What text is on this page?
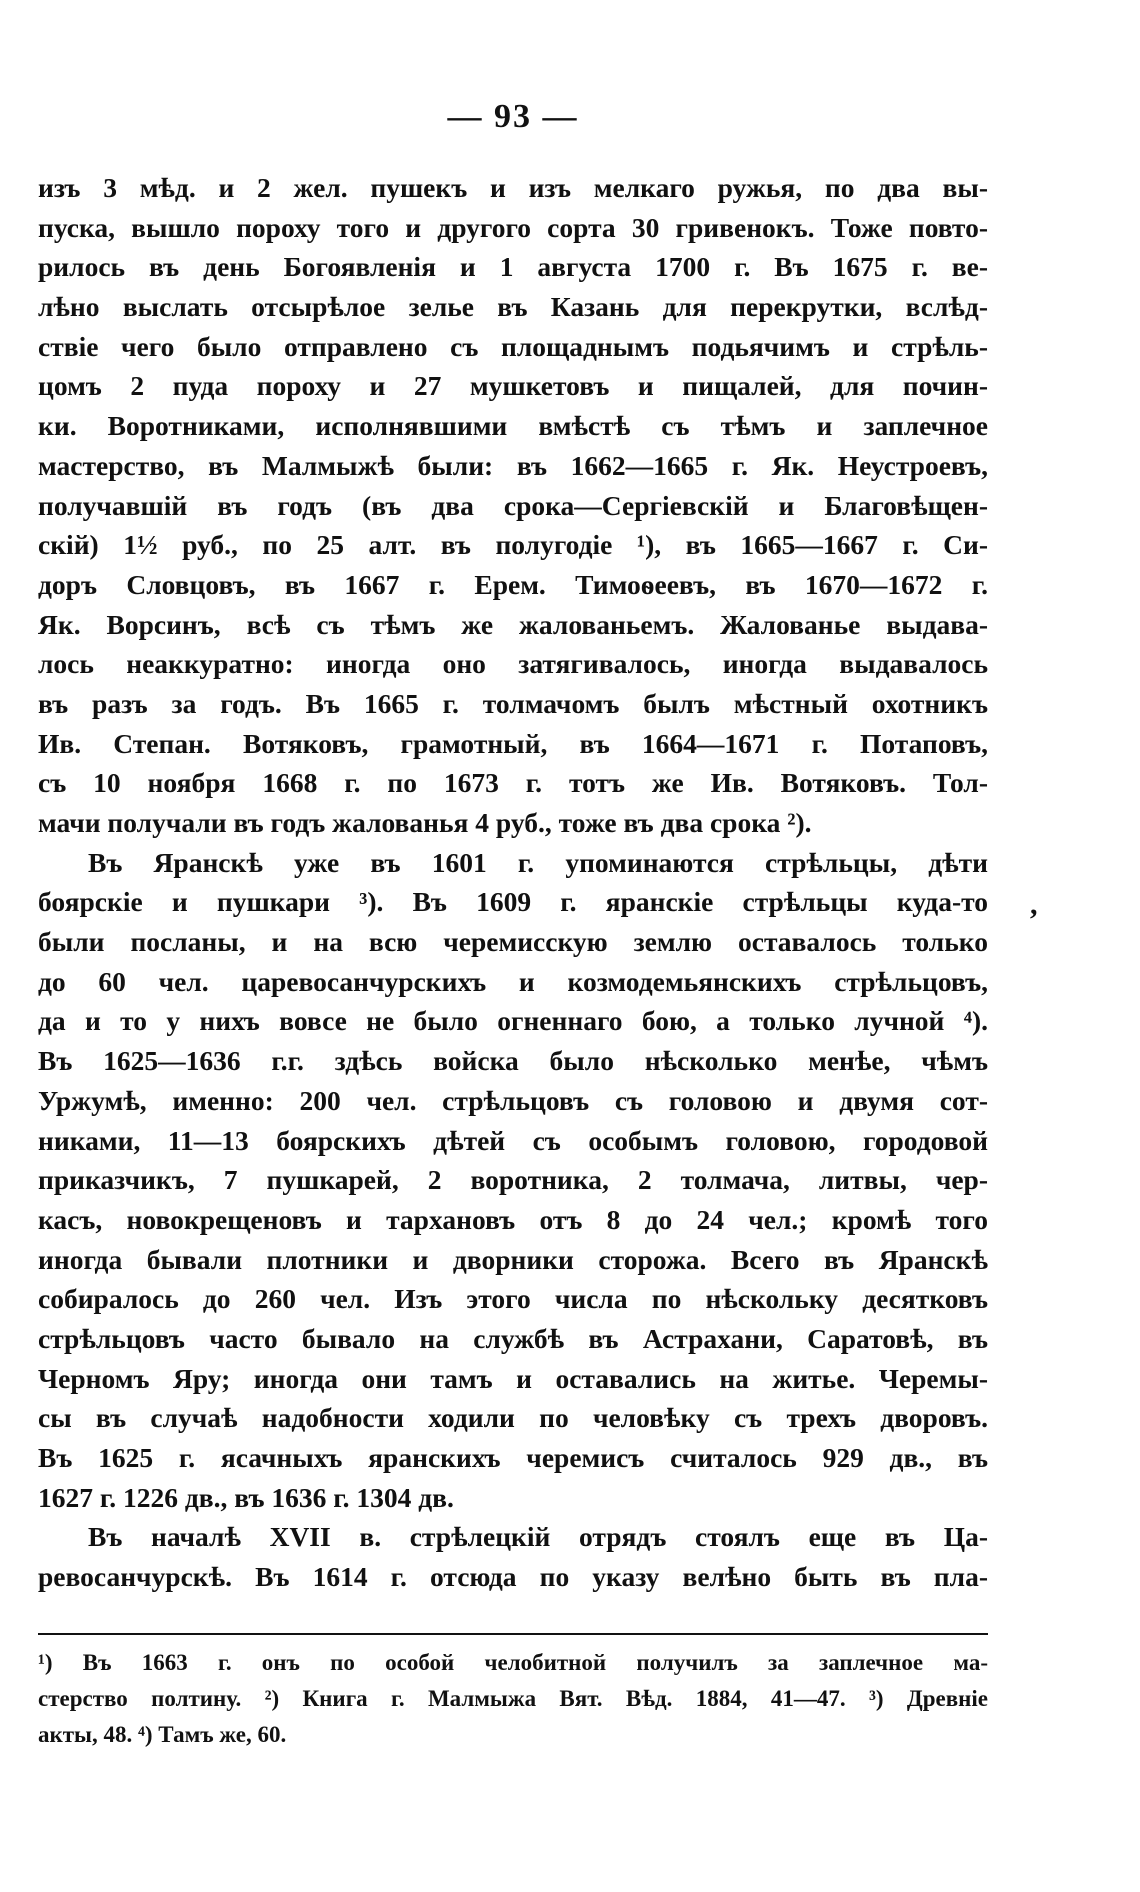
— 93 —
изъ 3 мѣд. и 2 жел. пушекъ и изъ мелкаго ружья, по два вы-
пуска, вышло пороху того и другого сорта 30 гривенокъ. Тоже повто-
рилось въ день Богоявленія и 1 августа 1700 г. Въ 1675 г. ве-
лѣно выслать отсырѣлое зелье въ Казань для перекрутки, вслѣд-
ствіе чего было отправлено съ площаднымъ подьячимъ и стрѣль-
цомъ 2 пуда пороху и 27 мушкетовъ и пищалей, для почин-
ки. Воротниками, исполнявшими вмѣстѣ съ тѣмъ и заплечное
мастерство, въ Малмыжѣ были: въ 1662—1665 г. Як. Неустроевъ,
получавшій въ годъ (въ два срока—Сергіевскій и Благовѣщен-
скій) 1½ руб., по 25 алт. въ полугодіе ¹), въ 1665—1667 г. Си-
доръ Словцовъ, въ 1667 г. Ерем. Тимоѳеевъ, въ 1670—1672 г.
Як. Ворсинъ, всѣ съ тѣмъ же жалованьемъ. Жалованье выдава-
лось неаккуратно: иногда оно затягивалось, иногда выдавалось
въ разъ за годъ. Въ 1665 г. толмачомъ былъ мѣстный охотникъ
Ив. Степан. Вотяковъ, грамотный, въ 1664—1671 г. Потаповъ,
съ 10 ноября 1668 г. по 1673 г. тотъ же Ив. Вотяковъ. Тол-
мачи получали въ годъ жалованья 4 руб., тоже въ два срока ²).
Въ Яранскѣ уже въ 1601 г. упоминаются стрѣльцы, дѣти
боярскіе и пушкари ³). Въ 1609 г. яранскіе стрѣльцы куда-то
были посланы, и на всю черемисскую землю оставалось только
до 60 чел. царевосанчурскихъ и козмодемьянскихъ стрѣльцовъ,
да и то у нихъ вовсе не было огненнаго бою, а только лучной ⁴).
Въ 1625—1636 г.г. здѣсь войска было нѣсколько менѣе, чѣмъ
Уржумѣ, именно: 200 чел. стрѣльцовъ съ головою и двумя сот-
никами, 11—13 боярскихъ дѣтей съ особымъ головою, городовой
приказчикъ, 7 пушкарей, 2 воротника, 2 толмача, литвы, чер-
касъ, новокрещеновъ и тархановъ отъ 8 до 24 чел.; кромѣ того
иногда бывали плотники и дворники сторожа. Всего въ Яранскѣ
собиралось до 260 чел. Изъ этого числа по нѣскольку десятковъ
стрѣльцовъ часто бывало на службѣ въ Астрахани, Саратовѣ, въ
Черномъ Яру; иногда они тамъ и оставались на житье. Черемы-
сы въ случаѣ надобности ходили по человѣку съ трехъ дворовъ.
Въ 1625 г. ясачныхъ яранскихъ черемисъ считалось 929 дв., въ
1627 г. 1226 дв., въ 1636 г. 1304 дв.
Въ началѣ XVII в. стрѣлецкій отрядъ стоялъ еще въ Ца-
ревосанчурскѣ. Въ 1614 г. отсюда по указу велѣно быть въ пла-
¹) Въ 1663 г. онъ по особой челобитной получилъ за заплечное ма-
стерство полтину. ²) Книга г. Малмыжа Вят. Вѣд. 1884, 41—47. ³) Древніе
акты, 48. ⁴) Тамъ же, 60.
,
